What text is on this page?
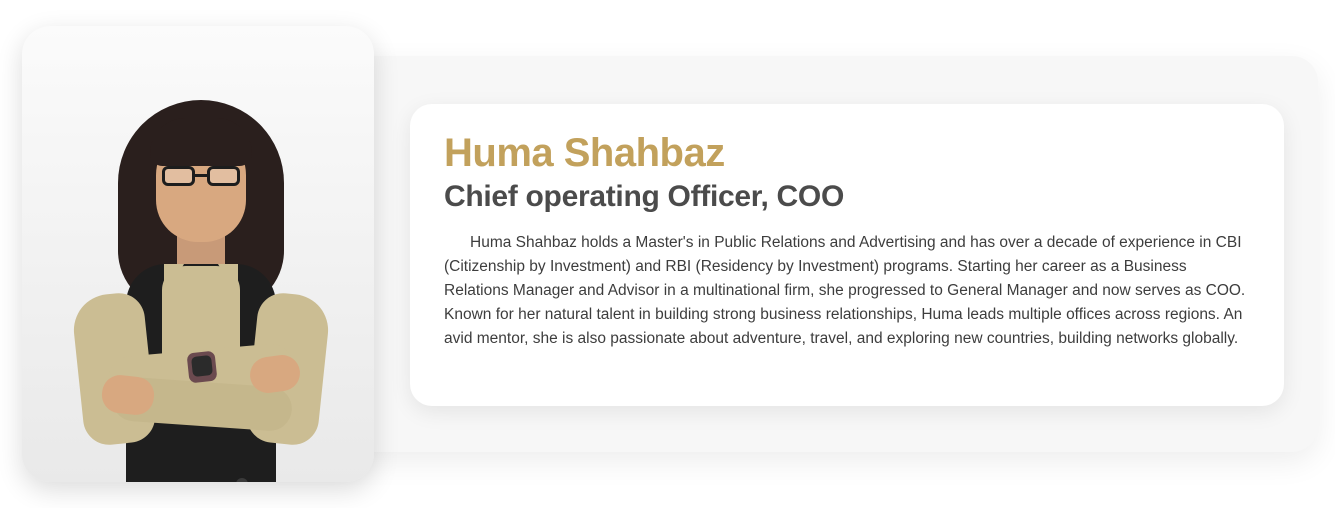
Huma Shahbaz
Chief operating Officer, COO

Huma Shahbaz holds a Master's in Public Relations and Advertising and has over a decade of experience in CBI (Citizenship by Investment) and RBI (Residency by Investment) programs. Starting her career as a Business Relations Manager and Advisor in a multinational firm, she progressed to General Manager and now serves as COO. Known for her natural talent in building strong business relationships, Huma leads multiple offices across regions. An avid mentor, she is also passionate about adventure, travel, and exploring new countries, building networks globally.
